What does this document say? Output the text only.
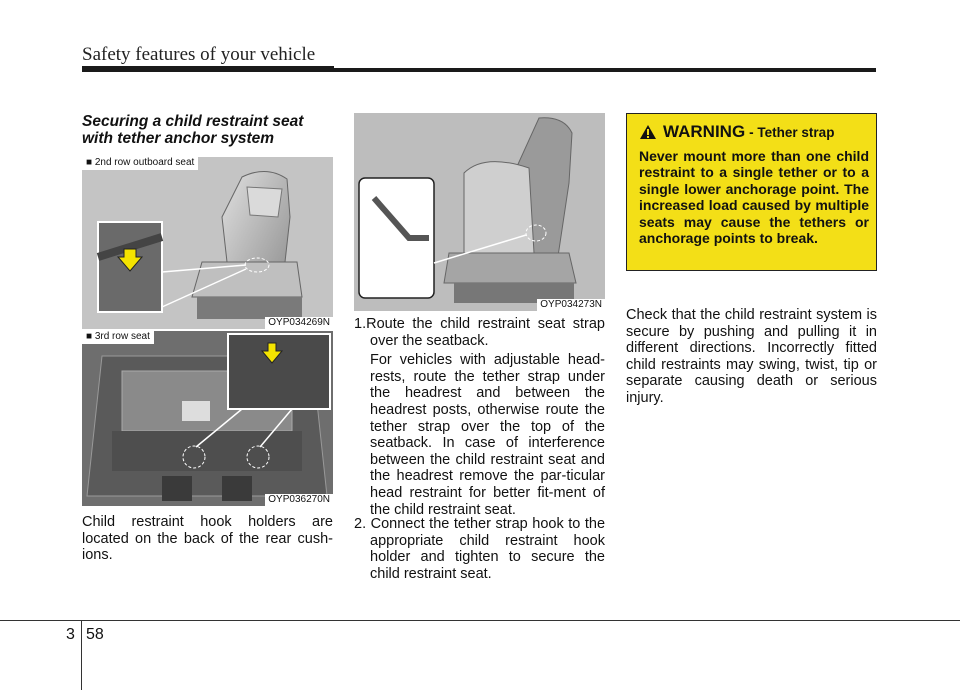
Safety features of your vehicle

Securing a child restraint seat
with tether anchor system

■ 2nd row outboard seat
OYP034269N
■ 3rd row seat
OYP036270N

Child restraint hook holders are located on the back of the rear cush-ions.

OYP034273N

1.Route the child restraint seat strap over the seatback.

For vehicles with adjustable head-rests, route the tether strap under the headrest and between the headrest posts, otherwise route the tether strap over the top of the seatback. In case of interference between the child restraint seat and the headrest remove the par-ticular head restraint for better fit-ment of the child restraint seat.

2. Connect the tether strap hook to the appropriate child restraint hook holder and tighten to secure the child restraint seat.

WARNING - Tether strap

Never mount more than one child restraint to a single tether or to a single lower anchorage point. The increased load caused by multiple seats may cause the tethers or anchorage points to break.

Check that the child restraint system is secure by pushing and pulling it in different directions. Incorrectly fitted child restraints may swing, twist, tip or separate causing death or serious injury.

3 58
